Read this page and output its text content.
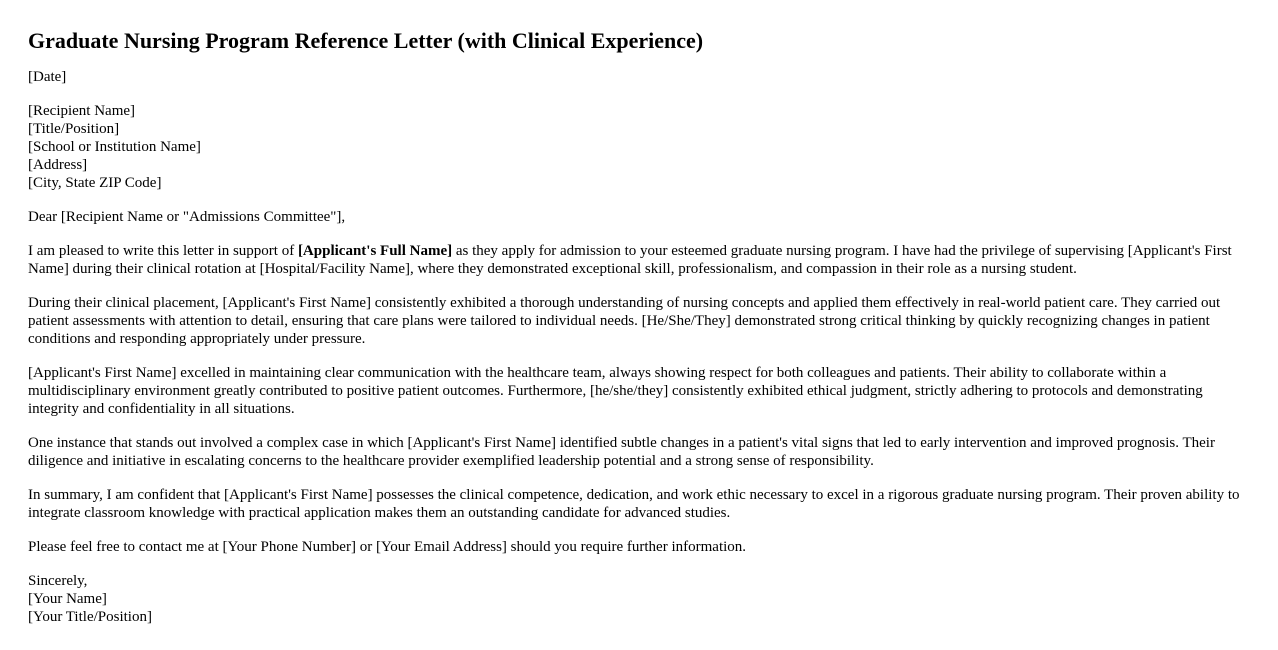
Graduate Nursing Program Reference Letter (with Clinical Experience)

[Date]

[Recipient Name]
[Title/Position]
[School or Institution Name]
[Address]
[City, State ZIP Code]

Dear [Recipient Name or "Admissions Committee"],

I am pleased to write this letter in support of [Applicant's Full Name] as they apply for admission to your esteemed graduate nursing program. I have had the privilege of supervising [Applicant's First Name] during their clinical rotation at [Hospital/Facility Name], where they demonstrated exceptional skill, professionalism, and compassion in their role as a nursing student.

During their clinical placement, [Applicant's First Name] consistently exhibited a thorough understanding of nursing concepts and applied them effectively in real-world patient care. They carried out patient assessments with attention to detail, ensuring that care plans were tailored to individual needs. [He/She/They] demonstrated strong critical thinking by quickly recognizing changes in patient conditions and responding appropriately under pressure.

[Applicant's First Name] excelled in maintaining clear communication with the healthcare team, always showing respect for both colleagues and patients. Their ability to collaborate within a multidisciplinary environment greatly contributed to positive patient outcomes. Furthermore, [he/she/they] consistently exhibited ethical judgment, strictly adhering to protocols and demonstrating integrity and confidentiality in all situations.

One instance that stands out involved a complex case in which [Applicant's First Name] identified subtle changes in a patient's vital signs that led to early intervention and improved prognosis. Their diligence and initiative in escalating concerns to the healthcare provider exemplified leadership potential and a strong sense of responsibility.

In summary, I am confident that [Applicant's First Name] possesses the clinical competence, dedication, and work ethic necessary to excel in a rigorous graduate nursing program. Their proven ability to integrate classroom knowledge with practical application makes them an outstanding candidate for advanced studies.

Please feel free to contact me at [Your Phone Number] or [Your Email Address] should you require further information.

Sincerely,
[Your Name]
[Your Title/Position]
